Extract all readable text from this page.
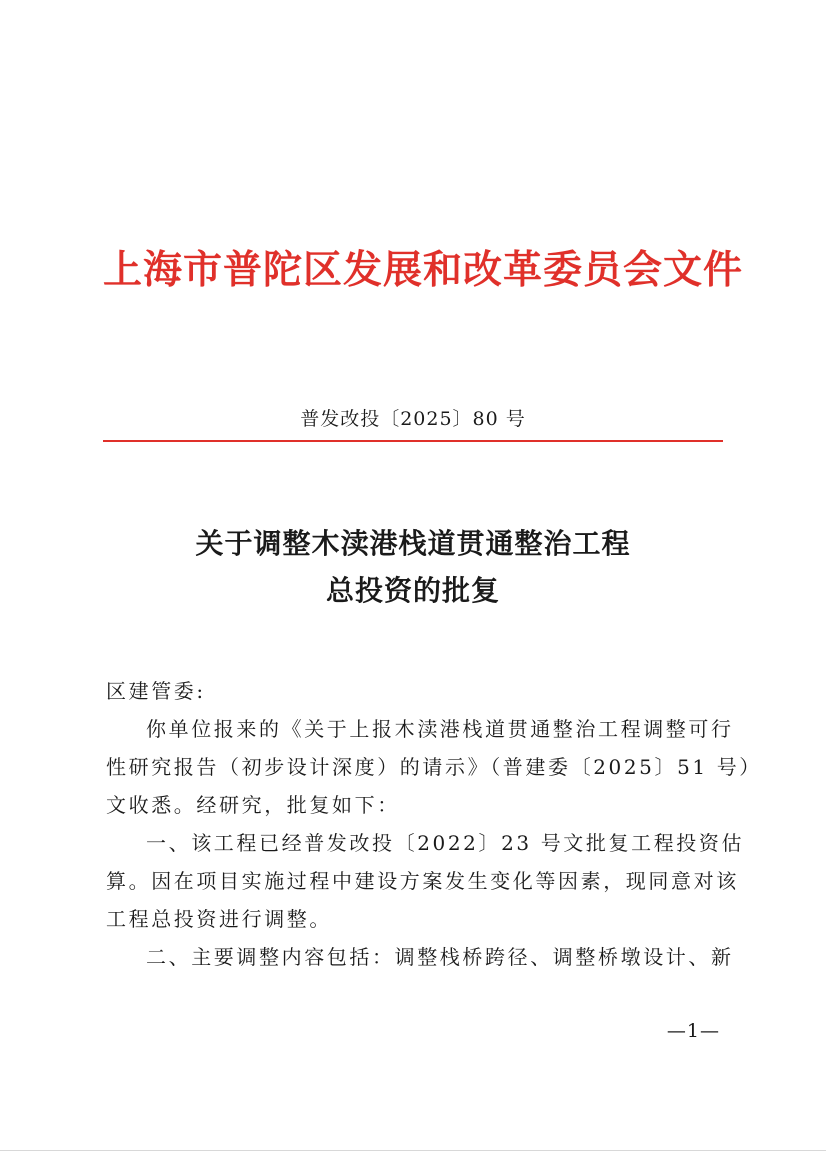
上海市普陀区发展和改革委员会文件
普发改投〔2025〕80 号
关于调整木渎港栈道贯通整治工程
总投资的批复
区建管委:
你单位报来的《关于上报木渎港栈道贯通整治工程调整可行
性研究报告（初步设计深度）的请示》（普建委〔2025〕51 号）
文收悉。经研究，批复如下：
一、该工程已经普发改投〔2022〕23 号文批复工程投资估
算。因在项目实施过程中建设方案发生变化等因素，现同意对该
工程总投资进行调整。
二、主要调整内容包括：调整栈桥跨径、调整桥墩设计、新
—1—
